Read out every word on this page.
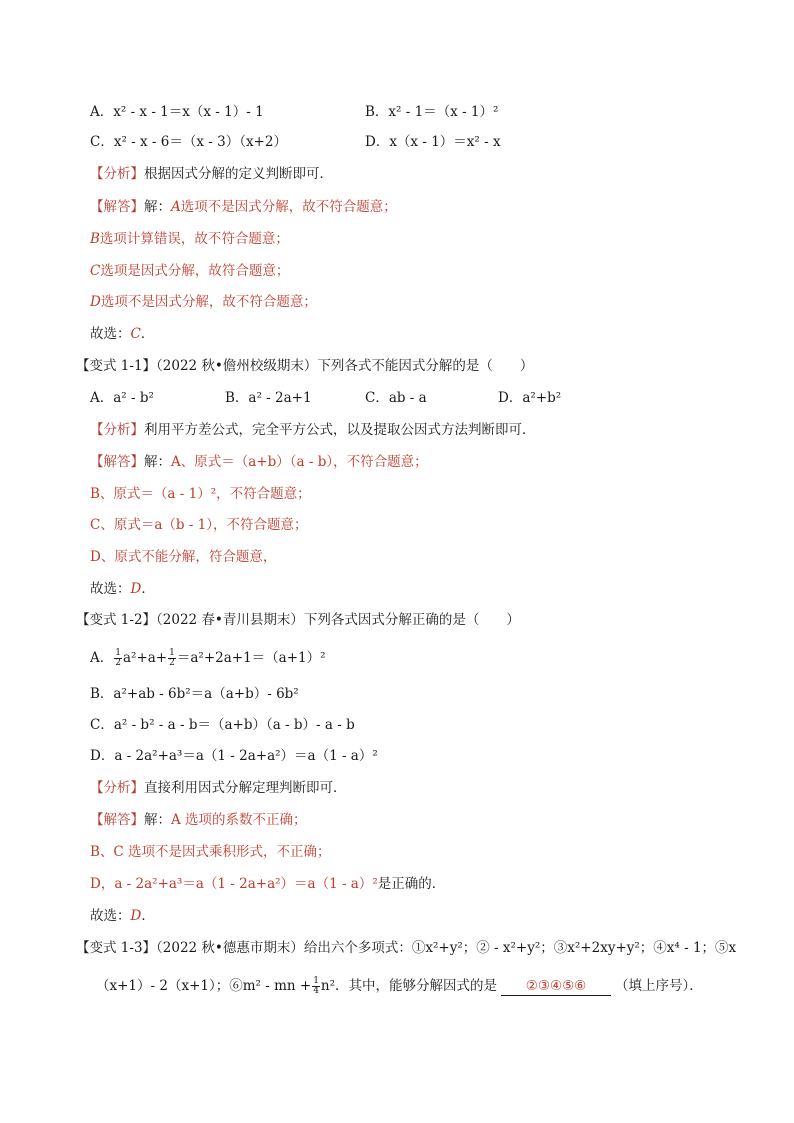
A．x² - x - 1＝x（x - 1）- 1	B．x² - 1＝（x - 1）²
C．x² - x - 6＝（x - 3）（x+2）	D．x（x - 1）＝x² - x
【分析】根据因式分解的定义判断即可．
【解答】解：A选项不是因式分解，故不符合题意；
B选项计算错误，故不符合题意；
C选项是因式分解，故符合题意；
D选项不是因式分解，故不符合题意；
故选：C．
【变式 1-1】（2022 秋•儋州校级期末）下列各式不能因式分解的是（　　）
A．a² - b²	B．a² - 2a+1	C．ab - a	D．a²+b²
【分析】利用平方差公式，完全平方公式，以及提取公因式方法判断即可．
【解答】解：A、原式＝（a+b）（a - b），不符合题意；
B、原式＝（a - 1）²，不符合题意；
C、原式＝a（b - 1），不符合题意；
D、原式不能分解，符合题意，
故选：D．
【变式 1-2】（2022 春•青川县期末）下列各式因式分解正确的是（　　）
A． $\frac{1}{2} a^2+a+ \frac{1}{2} =a^2+2a+1=(a+1)^2$
B．a²+ab - 6b²＝a（a+b）- 6b²
C．a² - b² - a - b＝（a+b）（a - b）- a - b
D．a - 2a²+a³＝a（1 - 2a+a²）＝a（1 - a）²
【分析】直接利用因式分解定理判断即可．
【解答】解：A 选项的系数不正确；
B、C 选项不是因式乘积形式，不正确；
D，a - 2a²+a³＝a（1 - 2a+a²）＝a（1 - a）²是正确的．
故选：D．
【变式 1-3】（2022 秋•德惠市期末）给出六个多项式：①x²+y²；② - x²+y²；③x²+2xy+y²；④x⁴ - 1；⑤x
（x+1）- 2（x+1）；⑥m² - mn + $\frac{1}{4} n^2$．其中，能够分解因式的是 ②③④⑤⑥ （填上序号）．
